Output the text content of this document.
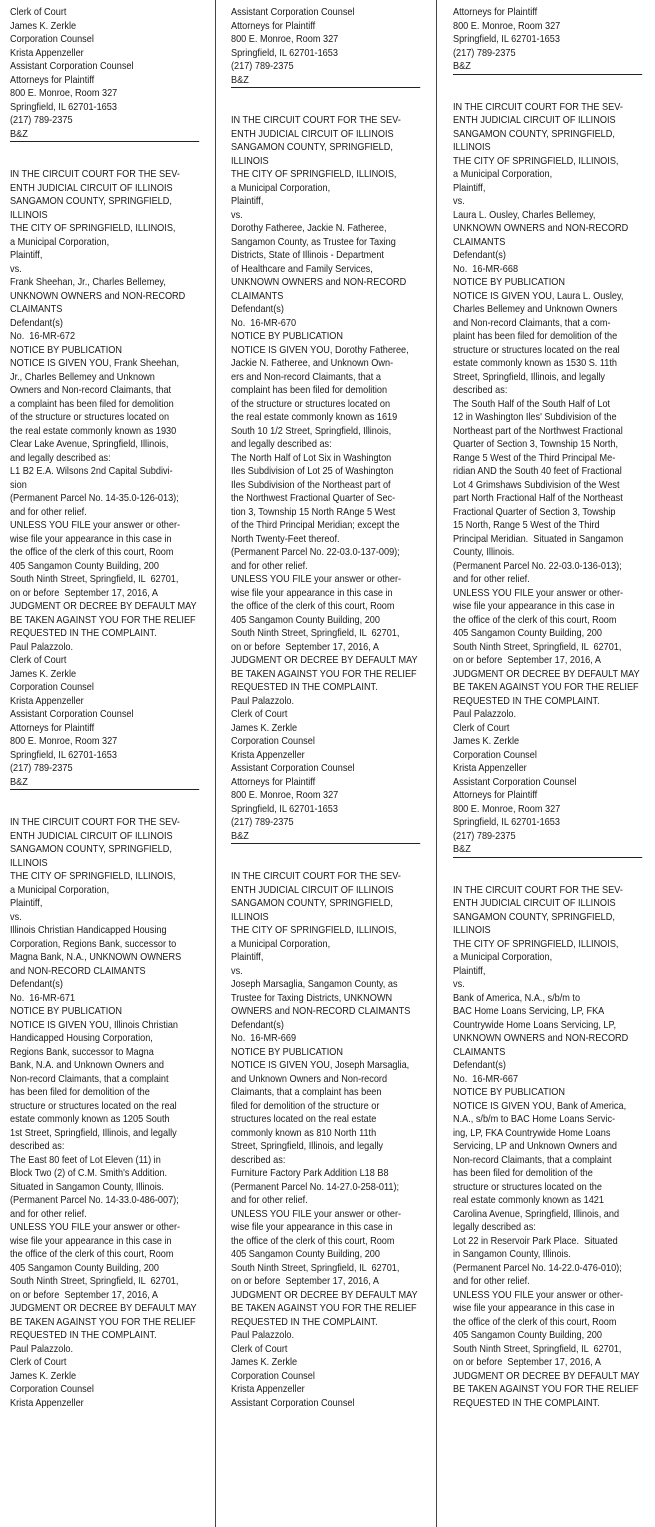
Clerk of Court
James K. Zerkle
Corporation Counsel
Krista Appenzeller
Assistant Corporation Counsel
Attorneys for Plaintiff
800 E. Monroe, Room 327
Springfield, IL 62701-1653
(217) 789-2375
B&Z
IN THE CIRCUIT COURT FOR THE SEV-
ENTH JUDICIAL CIRCUIT OF ILLINOIS
SANGAMON COUNTY, SPRINGFIELD,
ILLINOIS
THE CITY OF SPRINGFIELD, ILLINOIS,
a Municipal Corporation,
Plaintiff,
vs.
Frank Sheehan, Jr., Charles Bellemey,
UNKNOWN OWNERS and NON-RECORD
CLAIMANTS
Defendant(s)
No.  16-MR-672
NOTICE BY PUBLICATION
NOTICE IS GIVEN YOU, Frank Sheehan,
Jr., Charles Bellemey and Unknown
Owners and Non-record Claimants, that
a complaint has been filed for demolition
of the structure or structures located on
the real estate commonly known as 1930
Clear Lake Avenue, Springfield, Illinois,
and legally described as:
L1 B2 E.A. Wilsons 2nd Capital Subdivi-
sion
(Permanent Parcel No. 14-35.0-126-013);
and for other relief.
UNLESS YOU FILE your answer or other-
wise file your appearance in this case in
the office of the clerk of this court, Room
405 Sangamon County Building, 200
South Ninth Street, Springfield, IL  62701,
on or before  September 17, 2016, A
JUDGMENT OR DECREE BY DEFAULT MAY
BE TAKEN AGAINST YOU FOR THE RELIEF
REQUESTED IN THE COMPLAINT.
Paul Palazzolo.
Clerk of Court
James K. Zerkle
Corporation Counsel
Krista Appenzeller
Assistant Corporation Counsel
Attorneys for Plaintiff
800 E. Monroe, Room 327
Springfield, IL 62701-1653
(217) 789-2375
B&Z
IN THE CIRCUIT COURT FOR THE SEV-
ENTH JUDICIAL CIRCUIT OF ILLINOIS
SANGAMON COUNTY, SPRINGFIELD,
ILLINOIS
THE CITY OF SPRINGFIELD, ILLINOIS,
a Municipal Corporation,
Plaintiff,
vs.
Illinois Christian Handicapped Housing
Corporation, Regions Bank, successor to
Magna Bank, N.A., UNKNOWN OWNERS
and NON-RECORD CLAIMANTS
Defendant(s)
No.  16-MR-671
NOTICE BY PUBLICATION
NOTICE IS GIVEN YOU, Illinois Christian
Handicapped Housing Corporation,
Regions Bank, successor to Magna
Bank, N.A. and Unknown Owners and
Non-record Claimants, that a complaint
has been filed for demolition of the
structure or structures located on the real
estate commonly known as 1205 South
1st Street, Springfield, Illinois, and legally
described as:
The East 80 feet of Lot Eleven (11) in
Block Two (2) of C.M. Smith's Addition.
Situated in Sangamon County, Illinois.
(Permanent Parcel No. 14-33.0-486-007);
and for other relief.
UNLESS YOU FILE your answer or other-
wise file your appearance in this case in
the office of the clerk of this court, Room
405 Sangamon County Building, 200
South Ninth Street, Springfield, IL  62701,
on or before  September 17, 2016, A
JUDGMENT OR DECREE BY DEFAULT MAY
BE TAKEN AGAINST YOU FOR THE RELIEF
REQUESTED IN THE COMPLAINT.
Paul Palazzolo.
Clerk of Court
James K. Zerkle
Corporation Counsel
Krista Appenzeller
Assistant Corporation Counsel
Attorneys for Plaintiff
800 E. Monroe, Room 327
Springfield, IL 62701-1653
(217) 789-2375
B&Z
IN THE CIRCUIT COURT FOR THE SEV-
ENTH JUDICIAL CIRCUIT OF ILLINOIS
SANGAMON COUNTY, SPRINGFIELD,
ILLINOIS
THE CITY OF SPRINGFIELD, ILLINOIS,
a Municipal Corporation,
Plaintiff,
vs.
Dorothy Fatheree, Jackie N. Fatheree,
Sangamon County, as Trustee for Taxing
Districts, State of Illinois - Department
of Healthcare and Family Services,
UNKNOWN OWNERS and NON-RECORD
CLAIMANTS
Defendant(s)
No.  16-MR-670
NOTICE BY PUBLICATION
NOTICE IS GIVEN YOU, Dorothy Fatheree,
Jackie N. Fatheree, and Unknown Own-
ers and Non-record Claimants, that a
complaint has been filed for demolition
of the structure or structures located on
the real estate commonly known as 1619
South 10 1/2 Street, Springfield, Illinois,
and legally described as:
The North Half of Lot Six in Washington
Iles Subdivision of Lot 25 of Washington
Iles Subdivision of the Northeast part of
the Northwest Fractional Quarter of Sec-
tion 3, Township 15 North RAnge 5 West
of the Third Principal Meridian; except the
North Twenty-Feet thereof.
(Permanent Parcel No. 22-03.0-137-009);
and for other relief.
UNLESS YOU FILE your answer or other-
wise file your appearance in this case in
the office of the clerk of this court, Room
405 Sangamon County Building, 200
South Ninth Street, Springfield, IL  62701,
on or before  September 17, 2016, A
JUDGMENT OR DECREE BY DEFAULT MAY
BE TAKEN AGAINST YOU FOR THE RELIEF
REQUESTED IN THE COMPLAINT.
Paul Palazzolo.
Clerk of Court
James K. Zerkle
Corporation Counsel
Krista Appenzeller
Assistant Corporation Counsel
Attorneys for Plaintiff
800 E. Monroe, Room 327
Springfield, IL 62701-1653
(217) 789-2375
B&Z
IN THE CIRCUIT COURT FOR THE SEV-
ENTH JUDICIAL CIRCUIT OF ILLINOIS
SANGAMON COUNTY, SPRINGFIELD,
ILLINOIS
THE CITY OF SPRINGFIELD, ILLINOIS,
a Municipal Corporation,
Plaintiff,
vs.
Joseph Marsaglia, Sangamon County, as
Trustee for Taxing Districts, UNKNOWN
OWNERS and NON-RECORD CLAIMANTS
Defendant(s)
No.  16-MR-669
NOTICE BY PUBLICATION
NOTICE IS GIVEN YOU, Joseph Marsaglia,
and Unknown Owners and Non-record
Claimants, that a complaint has been
filed for demolition of the structure or
structures located on the real estate
commonly known as 810 North 11th
Street, Springfield, Illinois, and legally
described as:
Furniture Factory Park Addition L18 B8
(Permanent Parcel No. 14-27.0-258-011);
and for other relief.
UNLESS YOU FILE your answer or other-
wise file your appearance in this case in
the office of the clerk of this court, Room
405 Sangamon County Building, 200
South Ninth Street, Springfield, IL  62701,
on or before  September 17, 2016, A
JUDGMENT OR DECREE BY DEFAULT MAY
BE TAKEN AGAINST YOU FOR THE RELIEF
REQUESTED IN THE COMPLAINT.
Paul Palazzolo.
Clerk of Court
James K. Zerkle
Corporation Counsel
Krista Appenzeller
Assistant Corporation Counsel
Attorneys for Plaintiff
800 E. Monroe, Room 327
Springfield, IL 62701-1653
(217) 789-2375
B&Z
IN THE CIRCUIT COURT FOR THE SEV-
ENTH JUDICIAL CIRCUIT OF ILLINOIS
SANGAMON COUNTY, SPRINGFIELD,
ILLINOIS
THE CITY OF SPRINGFIELD, ILLINOIS,
a Municipal Corporation,
Plaintiff,
vs.
Laura L. Ousley, Charles Bellemey,
UNKNOWN OWNERS and NON-RECORD
CLAIMANTS
Defendant(s)
No.  16-MR-668
NOTICE BY PUBLICATION
NOTICE IS GIVEN YOU, Laura L. Ousley,
Charles Bellemey and Unknown Owners
and Non-record Claimants, that a com-
plaint has been filed for demolition of the
structure or structures located on the real
estate commonly known as 1530 S. 11th
Street, Springfield, Illinois, and legally
described as:
The South Half of the South Half of Lot
12 in Washington Iles' Subdivision of the
Northeast part of the Northwest Fractional
Quarter of Section 3, Township 15 North,
Range 5 West of the Third Principal Me-
ridian AND the South 40 feet of Fractional
Lot 4 Grimshaws Subdivision of the West
part North Fractional Half of the Northeast
Fractional Quarter of Section 3, Towship
15 North, Range 5 West of the Third
Principal Meridian.  Situated in Sangamon
County, Illinois.
(Permanent Parcel No. 22-03.0-136-013);
and for other relief.
UNLESS YOU FILE your answer or other-
wise file your appearance in this case in
the office of the clerk of this court, Room
405 Sangamon County Building, 200
South Ninth Street, Springfield, IL  62701,
on or before  September 17, 2016, A
JUDGMENT OR DECREE BY DEFAULT MAY
BE TAKEN AGAINST YOU FOR THE RELIEF
REQUESTED IN THE COMPLAINT.
Paul Palazzolo.
Clerk of Court
James K. Zerkle
Corporation Counsel
Krista Appenzeller
Assistant Corporation Counsel
Attorneys for Plaintiff
800 E. Monroe, Room 327
Springfield, IL 62701-1653
(217) 789-2375
B&Z
IN THE CIRCUIT COURT FOR THE SEV-
ENTH JUDICIAL CIRCUIT OF ILLINOIS
SANGAMON COUNTY, SPRINGFIELD,
ILLINOIS
THE CITY OF SPRINGFIELD, ILLINOIS,
a Municipal Corporation,
Plaintiff,
vs.
Bank of America, N.A., s/b/m to
BAC Home Loans Servicing, LP, FKA
Countrywide Home Loans Servicing, LP,
UNKNOWN OWNERS and NON-RECORD
CLAIMANTS
Defendant(s)
No.  16-MR-667
NOTICE BY PUBLICATION
NOTICE IS GIVEN YOU, Bank of America,
N.A., s/b/m to BAC Home Loans Servic-
ing, LP, FKA Countrywide Home Loans
Servicing, LP and Unknown Owners and
Non-record Claimants, that a complaint
has been filed for demolition of the
structure or structures located on the
real estate commonly known as 1421
Carolina Avenue, Springfield, Illinois, and
legally described as:
Lot 22 in Reservoir Park Place.  Situated
in Sangamon County, Illinois.
(Permanent Parcel No. 14-22.0-476-010);
and for other relief.
UNLESS YOU FILE your answer or other-
wise file your appearance in this case in
the office of the clerk of this court, Room
405 Sangamon County Building, 200
South Ninth Street, Springfield, IL  62701,
on or before  September 17, 2016, A
JUDGMENT OR DECREE BY DEFAULT MAY
BE TAKEN AGAINST YOU FOR THE RELIEF
REQUESTED IN THE COMPLAINT.
